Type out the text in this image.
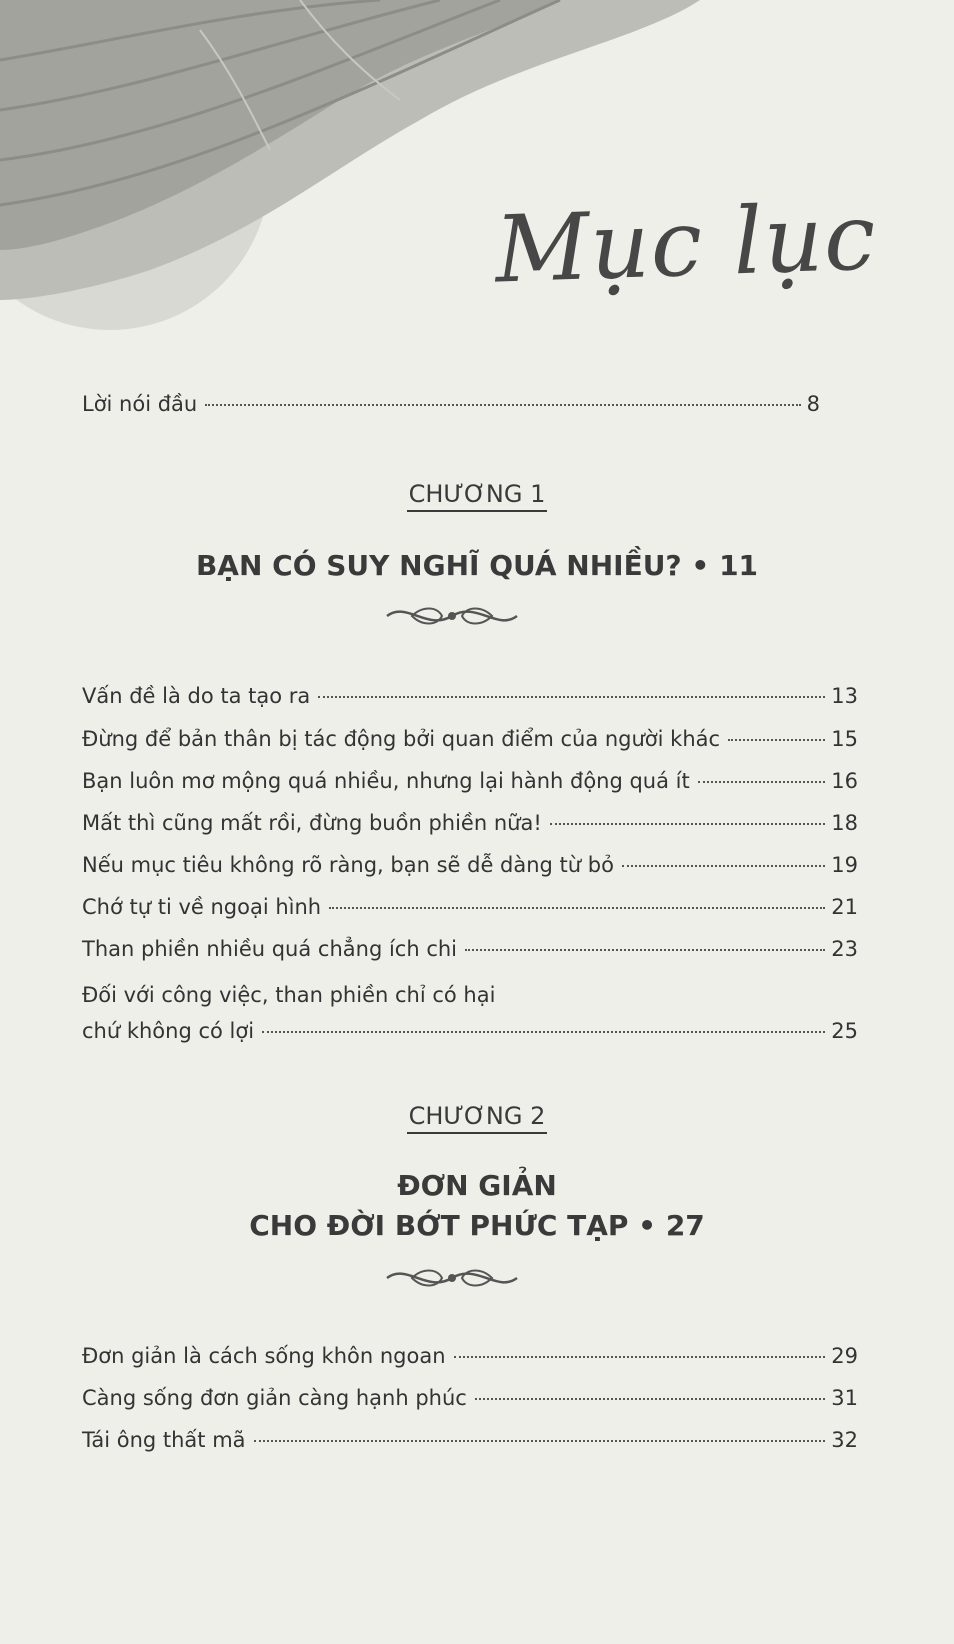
Mục lục
Lời nói đầu	8
CHƯƠNG 1
BẠN CÓ SUY NGHĨ QUÁ NHIỀU? • 11
Vấn đề là do ta tạo ra	13
Đừng để bản thân bị tác động bởi quan điểm của người khác	15
Bạn luôn mơ mộng quá nhiều, nhưng lại hành động quá ít	16
Mất thì cũng mất rồi, đừng buồn phiền nữa!	18
Nếu mục tiêu không rõ ràng, bạn sẽ dễ dàng từ bỏ	19
Chớ tự ti về ngoại hình	21
Than phiền nhiều quá chẳng ích chi	23
Đối với công việc, than phiền chỉ có hại
chứ không có lợi	25
CHƯƠNG 2
ĐƠN GIẢN
CHO ĐỜI BỚT PHỨC TẠP • 27
Đơn giản là cách sống khôn ngoan	29
Càng sống đơn giản càng hạnh phúc	31
Tái ông thất mã	32
